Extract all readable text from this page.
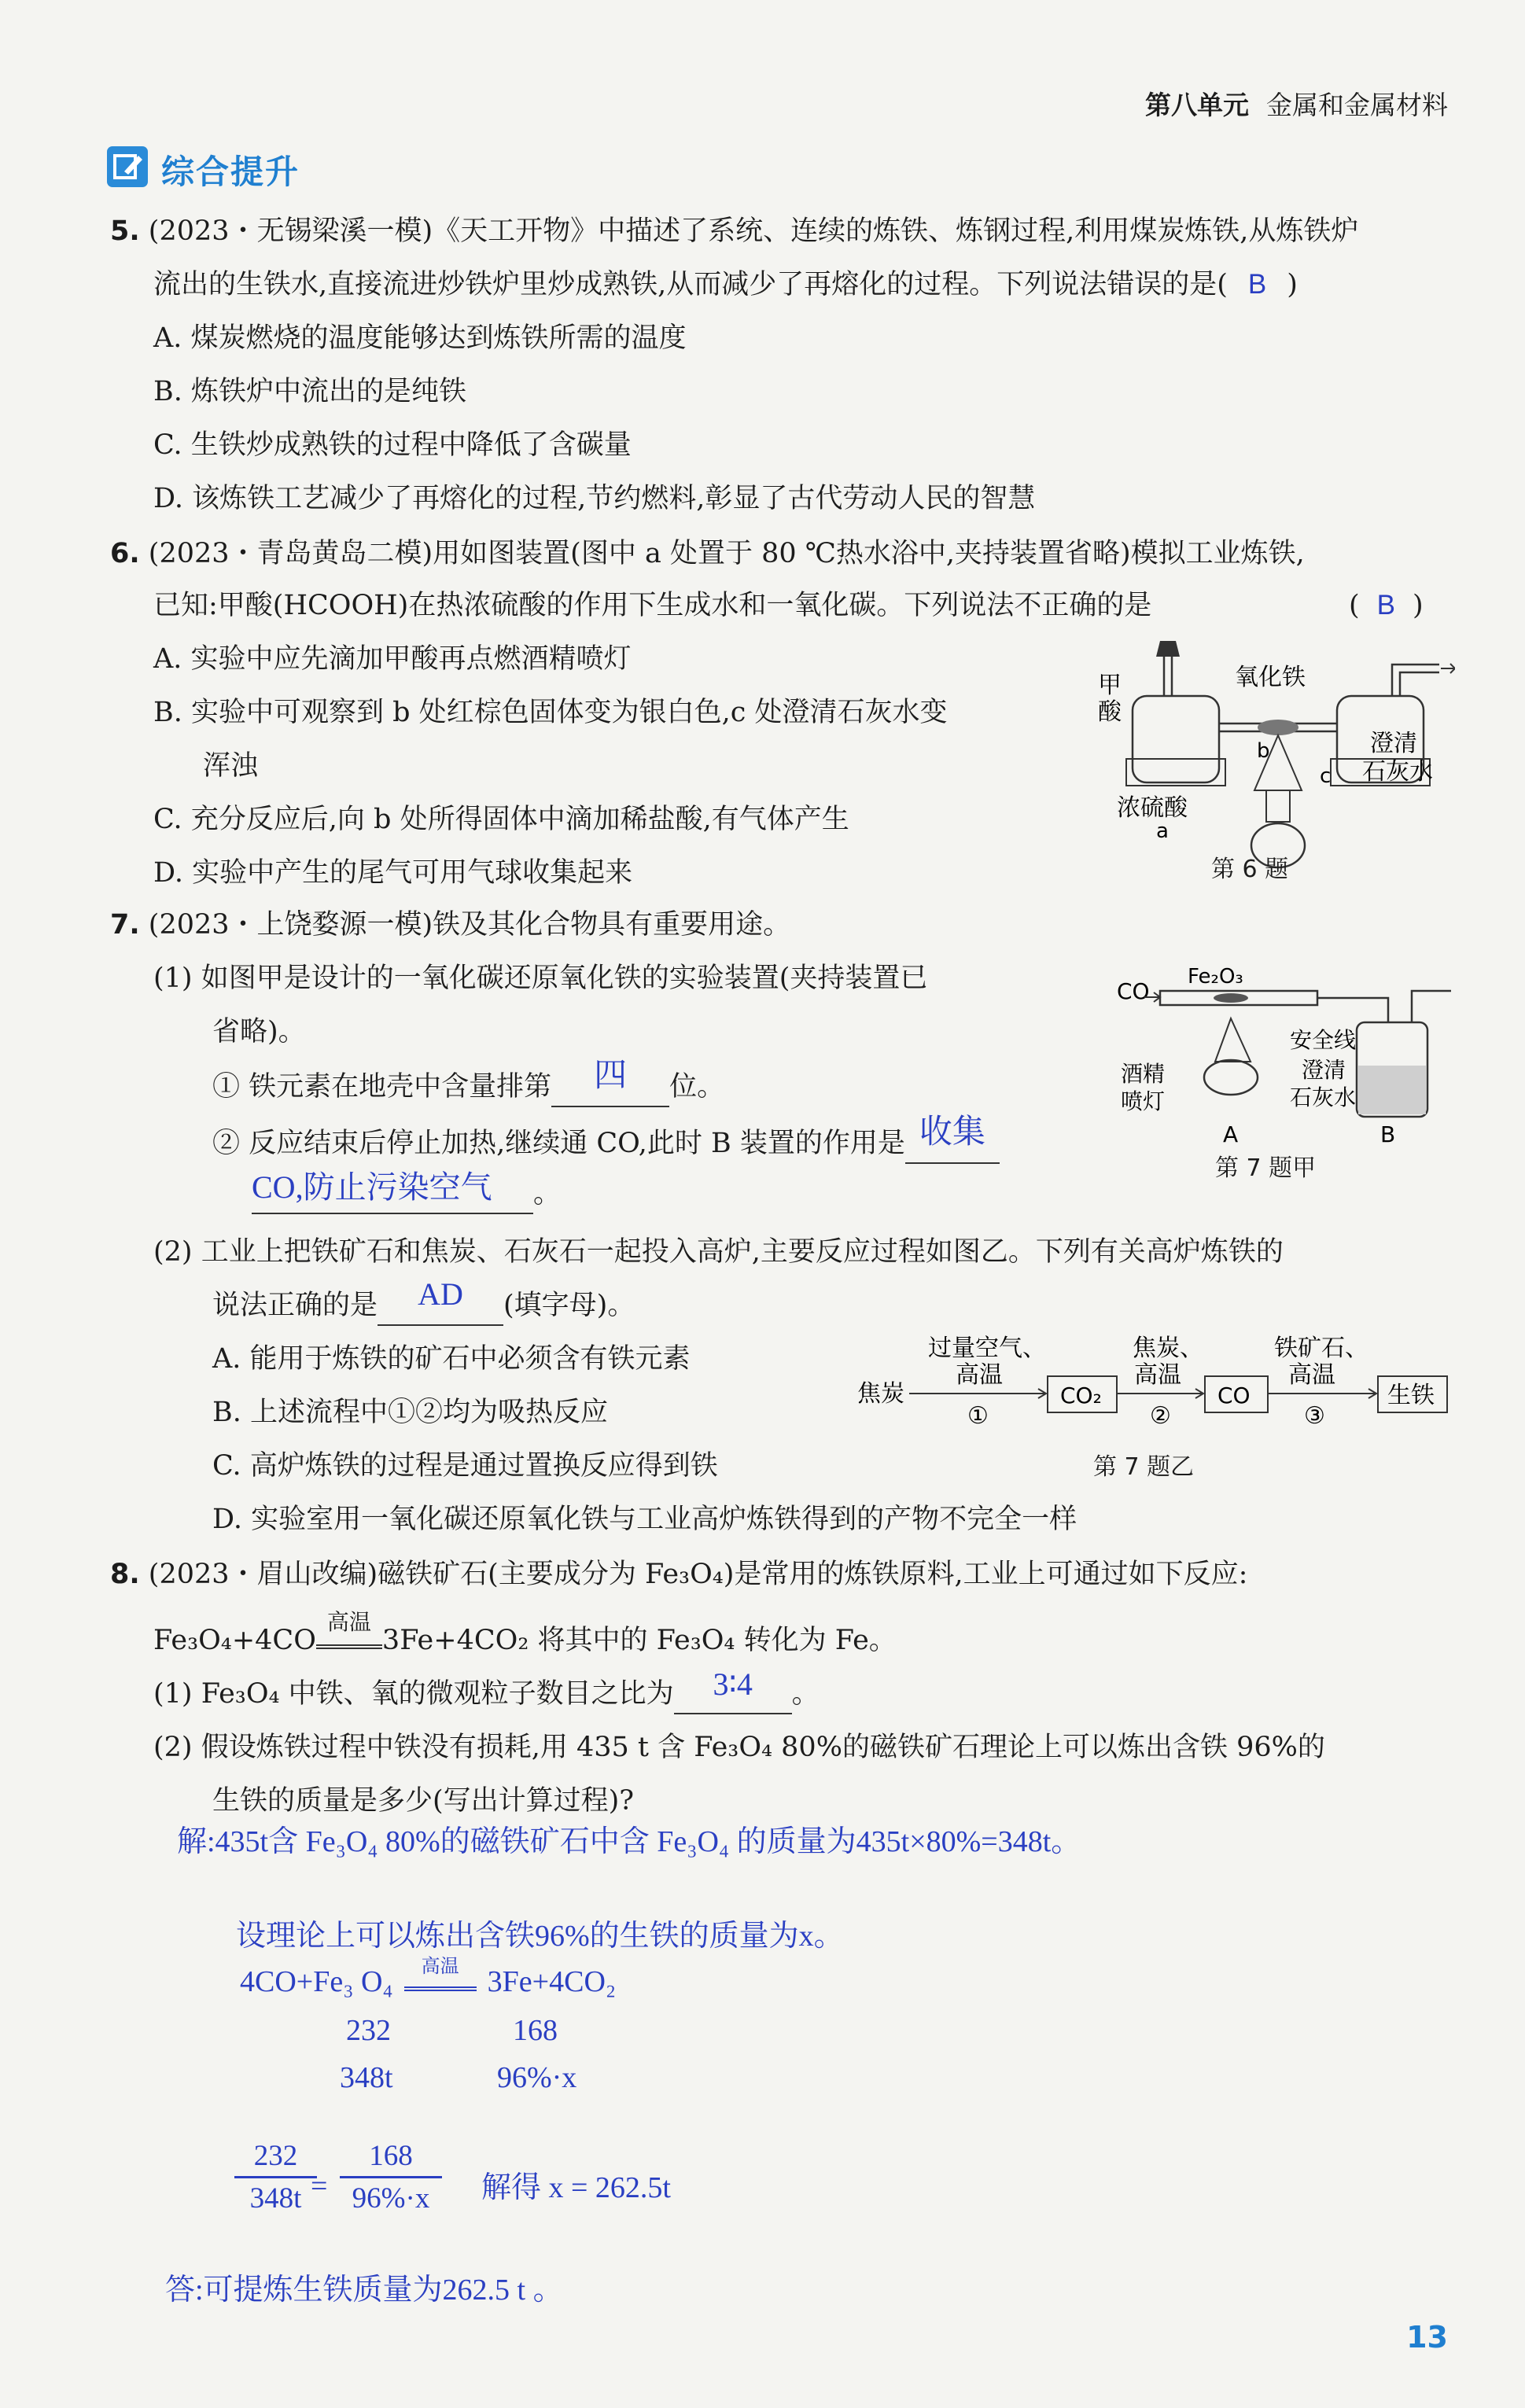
第八单元 金属和金属材料
综合提升
5. (2023・无锡梁溪一模)《天工开物》中描述了系统、连续的炼铁、炼钢过程,利用煤炭炼铁,从炼铁炉
流出的生铁水,直接流进炒铁炉里炒成熟铁,从而减少了再熔化的过程。下列说法错误的是( B )
A. 煤炭燃烧的温度能够达到炼铁所需的温度
B. 炼铁炉中流出的是纯铁
C. 生铁炒成熟铁的过程中降低了含碳量
D. 该炼铁工艺减少了再熔化的过程,节约燃料,彰显了古代劳动人民的智慧
6. (2023・青岛黄岛二模)用如图装置(图中 a 处置于 80 ℃热水浴中,夹持装置省略)模拟工业炼铁,
已知:甲酸(HCOOH)在热浓硫酸的作用下生成水和一氧化碳。下列说法不正确的是	( B )
A. 实验中应先滴加甲酸再点燃酒精喷灯
B. 实验中可观察到 b 处红棕色固体变为银白色,c 处澄清石灰水变
浑浊
C. 充分反应后,向 b 处所得固体中滴加稀盐酸,有气体产生
D. 实验中产生的尾气可用气球收集起来
甲
酸
氧化铁
澄清
石灰水
浓硫酸
a
b
c
第 6 题
7. (2023・上饶婺源一模)铁及其化合物具有重要用途。
(1) 如图甲是设计的一氧化碳还原氧化铁的实验装置(夹持装置已
省略)。
① 铁元素在地壳中含量排第	四	位。
② 反应结束后停止加热,继续通 CO,此时 B 装置的作用是 收集

CO,防止污染空气 。
CO
Fe₂O₃
安全线
酒精
喷灯
澄清
石灰水
A	B
第 7 题甲
(2) 工业上把铁矿石和焦炭、石灰石一起投入高炉,主要反应过程如图乙。下列有关高炉炼铁的
说法正确的是	AD	(填字母)。
A. 能用于炼铁的矿石中必须含有铁元素
B. 上述流程中①②均为吸热反应
C. 高炉炼铁的过程是通过置换反应得到铁
D. 实验室用一氧化碳还原氧化铁与工业高炉炼铁得到的产物不完全一样
焦炭
过量空气、
高温
①
CO₂
焦炭、
高温
②
CO
铁矿石、
高温
③
生铁
第 7 题乙
8. (2023・眉山改编)磁铁矿石(主要成分为 Fe₃O₄)是常用的炼铁原料,工业上可通过如下反应:
Fe₃O₄+4CO
高温
3Fe+4CO₂ 将其中的 Fe₃O₄ 转化为 Fe。
(1) Fe₃O₄ 中铁、氧的微观粒子数目之比为	3∶4	。
(2) 假设炼铁过程中铁没有损耗,用 435 t 含 Fe₃O₄ 80%的磁铁矿石理论上可以炼出含铁 96%的
生铁的质量是多少(写出计算过程)?
解:435t含 Fe₃O₄ 80%的磁铁矿石中含 Fe₃O₄ 的质量为435t×80%=348t。
设理论上可以炼出含铁96%的生铁的质量为x。
4CO+Fe₃ O₄	高温 3Fe+4CO₂
232	168
348t	96%·x
232
348t =
168
96%·x	解得 x = 262.5t
答:可提炼生铁质量为262.5 t 。
13
